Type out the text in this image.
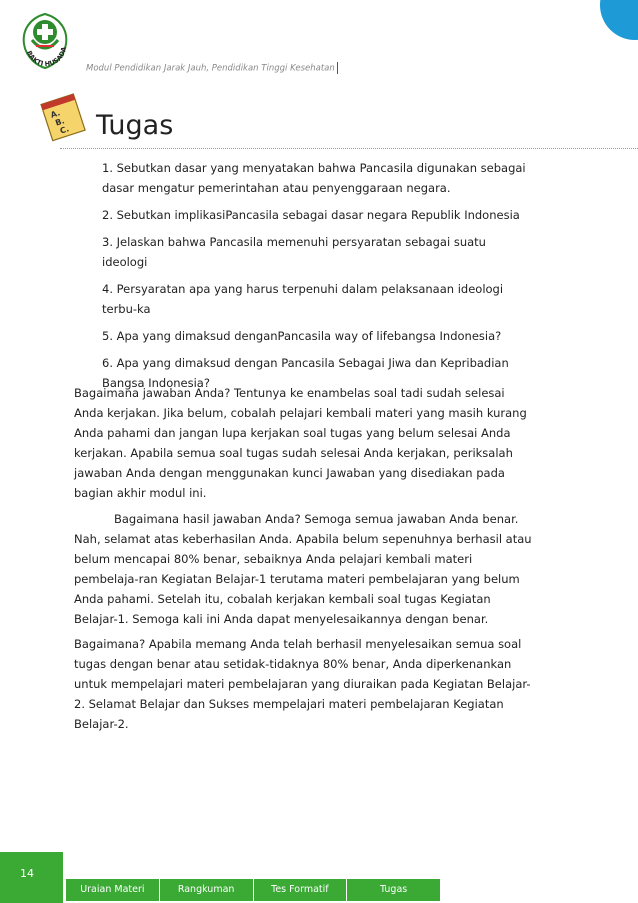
BAKTI HUSADA
Modul Pendidikan Jarak Jauh, Pendidikan Tinggi Kesehatan
A.
B.
C. Tugas
1. Sebutkan dasar yang menyatakan bahwa Pancasila digunakan sebagai dasar mengatur pemerintahan atau penyenggaraan negara.
2. Sebutkan implikasiPancasila sebagai dasar negara Republik Indonesia
3. Jelaskan bahwa Pancasila memenuhi persyaratan sebagai suatu ideologi
4. Persyaratan apa yang harus terpenuhi dalam pelaksanaan ideologi terbu-ka
5. Apa yang dimaksud denganPancasila way of lifebangsa Indonesia?
6. Apa yang dimaksud dengan Pancasila Sebagai Jiwa dan Kepribadian Bangsa Indonesia?

Bagaimana jawaban Anda? Tentunya ke enambelas soal tadi sudah selesai Anda kerjakan. Jika belum, cobalah pelajari kembali materi yang masih kurang Anda pahami dan jangan lupa kerjakan soal tugas yang belum selesai Anda kerjakan. Apabila semua soal tugas sudah selesai Anda kerjakan, periksalah jawaban Anda dengan menggunakan kunci Jawaban yang disediakan pada bagian akhir modul ini.

Bagaimana hasil jawaban Anda? Semoga semua jawaban Anda benar. Nah, selamat atas keberhasilan Anda. Apabila belum sepenuhnya berhasil atau belum mencapai 80% benar, sebaiknya Anda pelajari kembali materi pembelaja-ran Kegiatan Belajar-1 terutama materi pembelajaran yang belum Anda pahami. Setelah itu, cobalah kerjakan kembali soal tugas Kegiatan Belajar-1. Semoga kali ini Anda dapat menyelesaikannya dengan benar.

Bagaimana? Apabila memang Anda telah berhasil menyelesaikan semua soal tugas dengan benar atau setidak-tidaknya 80% benar, Anda diperkenankan untuk mempelajari materi pembelajaran yang diuraikan pada Kegiatan Belajar-2. Selamat Belajar dan Sukses mempelajari materi pembelajaran Kegiatan Belajar-2.

14
Uraian Materi	Rangkuman	Tes Formatif	Tugas
